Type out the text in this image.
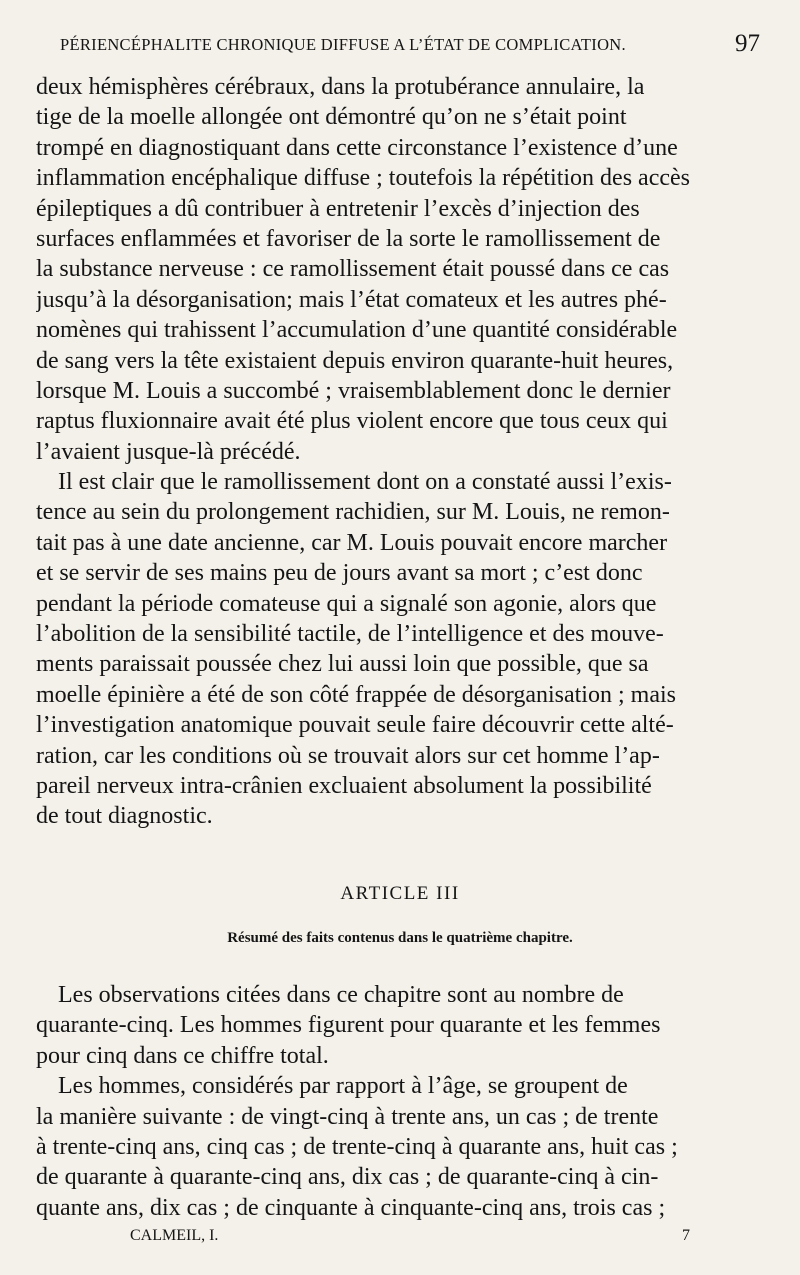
PÉRIENCÉPHALITE CHRONIQUE DIFFUSE A L’ÉTAT DE COMPLICATION.	97
deux hémisphères cérébraux, dans la protubérance annulaire, la
tige de la moelle allongée ont démontré qu’on ne s’était point
trompé en diagnostiquant dans cette circonstance l’existence d’une
inflammation encéphalique diffuse ; toutefois la répétition des accès
épileptiques a dû contribuer à entretenir l’excès d’injection des
surfaces enflammées et favoriser de la sorte le ramollissement de
la substance nerveuse : ce ramollissement était poussé dans ce cas
jusqu’à la désorganisation; mais l’état comateux et les autres phé-
nomènes qui trahissent l’accumulation d’une quantité considérable
de sang vers la tête existaient depuis environ quarante-huit heures,
lorsque M. Louis a succombé ; vraisemblablement donc le dernier
raptus fluxionnaire avait été plus violent encore que tous ceux qui
l’avaient jusque-là précédé.
Il est clair que le ramollissement dont on a constaté aussi l’exis-
tence au sein du prolongement rachidien, sur M. Louis, ne remon-
tait pas à une date ancienne, car M. Louis pouvait encore marcher
et se servir de ses mains peu de jours avant sa mort ; c’est donc
pendant la période comateuse qui a signalé son agonie, alors que
l’abolition de la sensibilité tactile, de l’intelligence et des mouve-
ments paraissait poussée chez lui aussi loin que possible, que sa
moelle épinière a été de son côté frappée de désorganisation ; mais
l’investigation anatomique pouvait seule faire découvrir cette alté-
ration, car les conditions où se trouvait alors sur cet homme l’ap-
pareil nerveux intra-crânien excluaient absolument la possibilité
de tout diagnostic.
ARTICLE III
Résumé des faits contenus dans le quatrième chapitre.
Les observations citées dans ce chapitre sont au nombre de
quarante-cinq. Les hommes figurent pour quarante et les femmes
pour cinq dans ce chiffre total.
Les hommes, considérés par rapport à l’âge, se groupent de
la manière suivante : de vingt-cinq à trente ans, un cas ; de trente
à trente-cinq ans, cinq cas ; de trente-cinq à quarante ans, huit cas ;
de quarante à quarante-cinq ans, dix cas ; de quarante-cinq à cin-
quante ans, dix cas ; de cinquante à cinquante-cinq ans, trois cas ;
CALMEIL, I.	7
